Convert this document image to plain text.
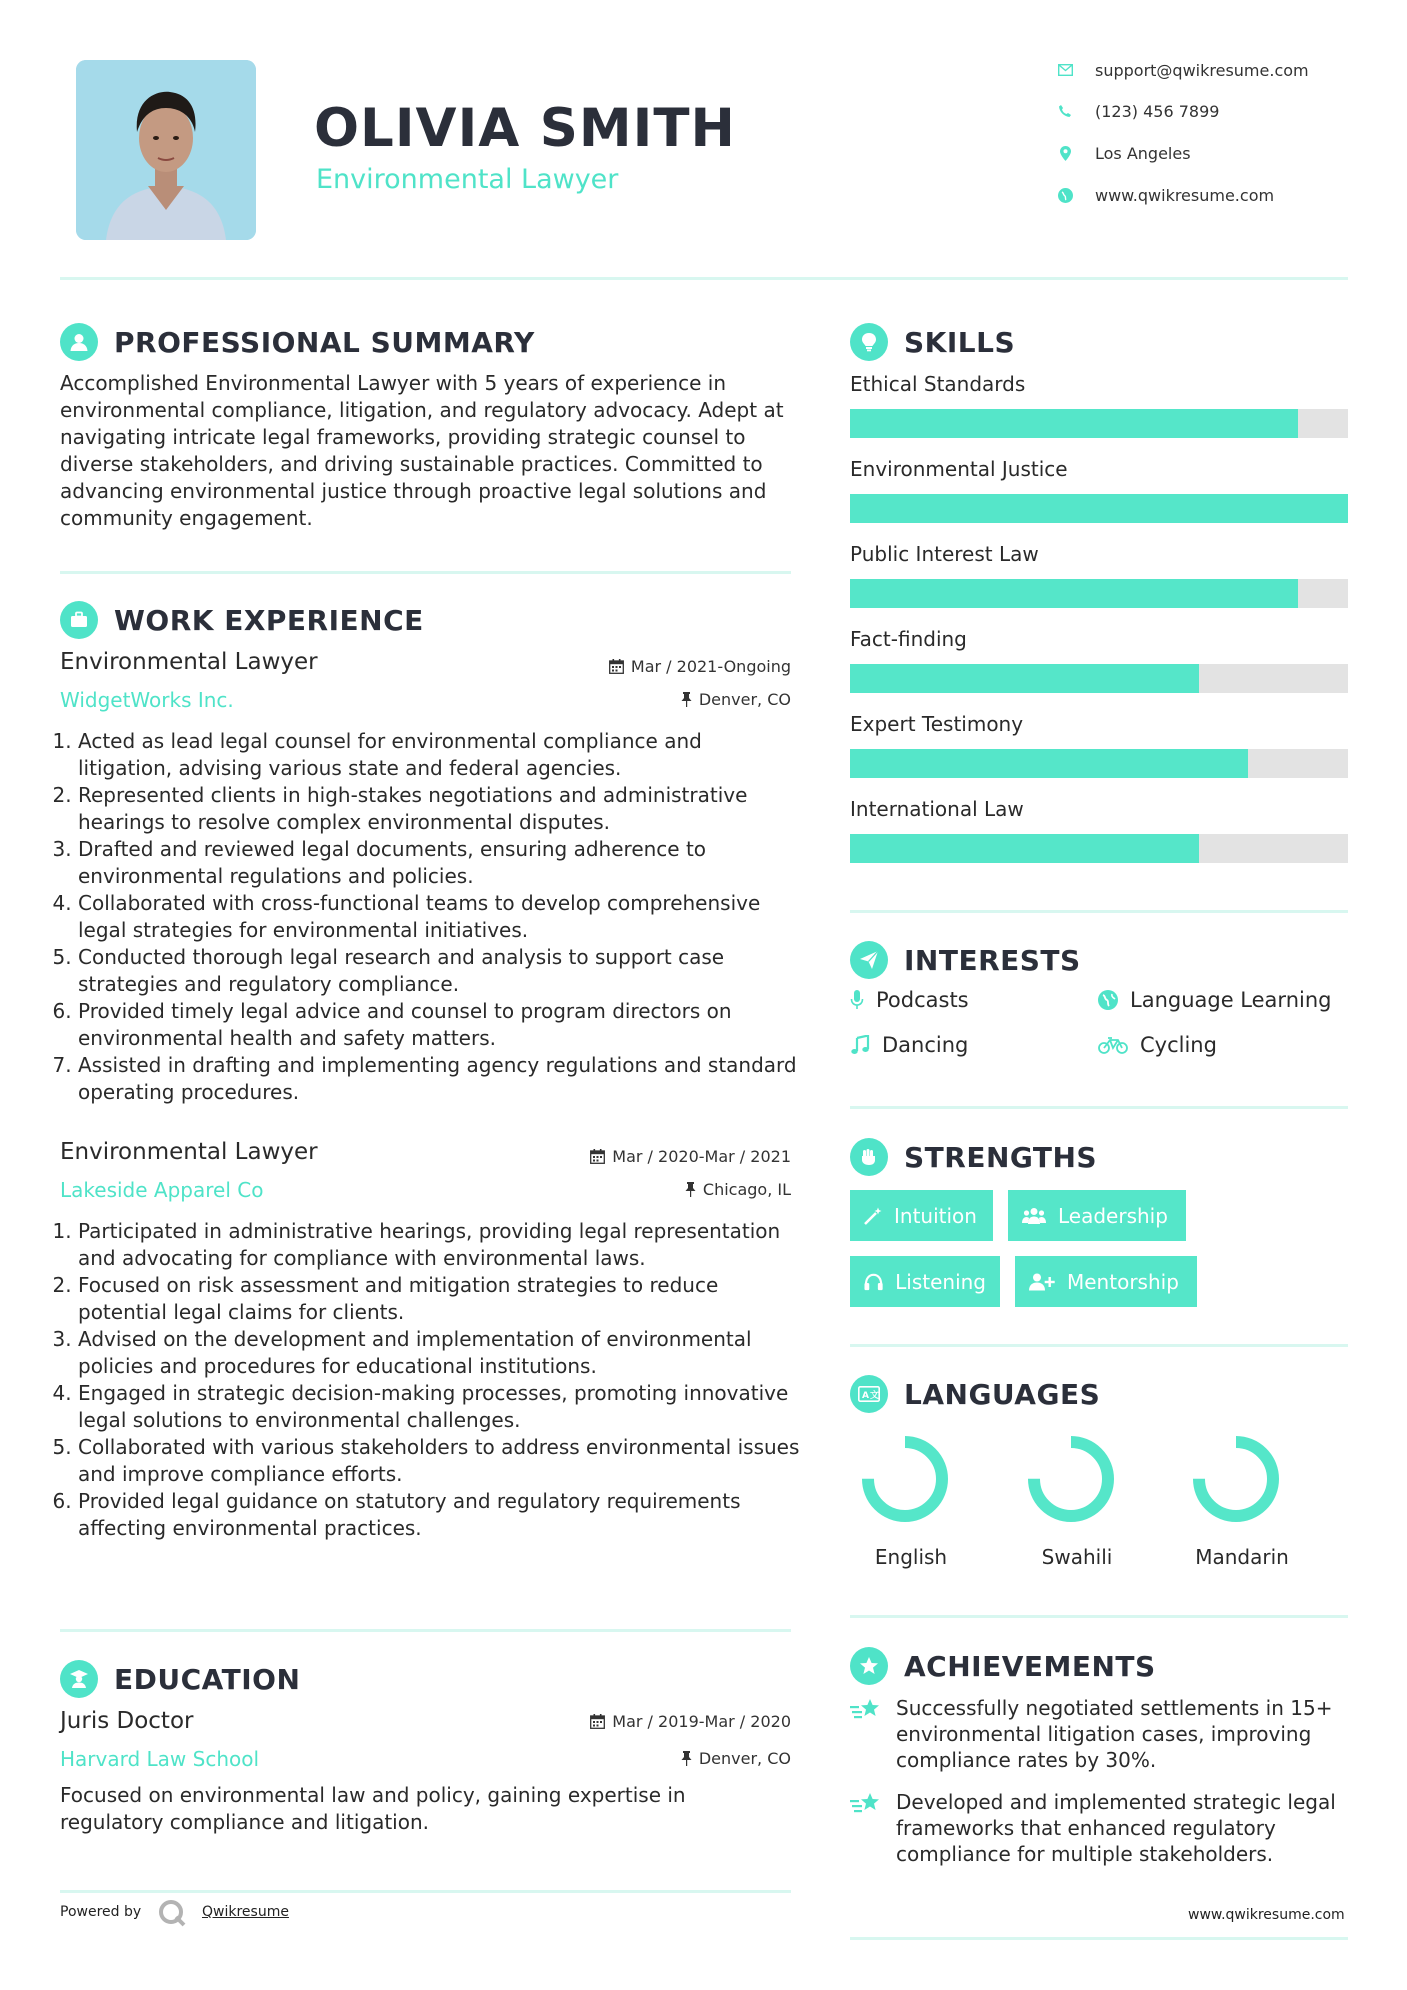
OLIVIA SMITH
Environmental Lawyer
support@qwikresume.com
(123) 456 7899
Los Angeles
www.qwikresume.com
PROFESSIONAL SUMMARY
Accomplished Environmental Lawyer with 5 years of experience in environmental compliance, litigation, and regulatory advocacy. Adept at navigating intricate legal frameworks, providing strategic counsel to diverse stakeholders, and driving sustainable practices. Committed to advancing environmental justice through proactive legal solutions and community engagement.
WORK EXPERIENCE
Environmental Lawyer
WidgetWorks Inc.
Mar / 2021-Ongoing
Denver, CO
1. Acted as lead legal counsel for environmental compliance and litigation, advising various state and federal agencies.
2. Represented clients in high-stakes negotiations and administrative hearings to resolve complex environmental disputes.
3. Drafted and reviewed legal documents, ensuring adherence to environmental regulations and policies.
4. Collaborated with cross-functional teams to develop comprehensive legal strategies for environmental initiatives.
5. Conducted thorough legal research and analysis to support case strategies and regulatory compliance.
6. Provided timely legal advice and counsel to program directors on environmental health and safety matters.
7. Assisted in drafting and implementing agency regulations and standard operating procedures.
Environmental Lawyer
Lakeside Apparel Co
Mar / 2020-Mar / 2021
Chicago, IL
1. Participated in administrative hearings, providing legal representation and advocating for compliance with environmental laws.
2. Focused on risk assessment and mitigation strategies to reduce potential legal claims for clients.
3. Advised on the development and implementation of environmental policies and procedures for educational institutions.
4. Engaged in strategic decision-making processes, promoting innovative legal solutions to environmental challenges.
5. Collaborated with various stakeholders to address environmental issues and improve compliance efforts.
6. Provided legal guidance on statutory and regulatory requirements affecting environmental practices.
EDUCATION
Juris Doctor
Harvard Law School
Mar / 2019-Mar / 2020
Denver, CO
Focused on environmental law and policy, gaining expertise in regulatory compliance and litigation.
Powered by	Qwikresume
SKILLS
Ethical Standards
Environmental Justice
Public Interest Law
Fact-finding
Expert Testimony
International Law
INTERESTS
Podcasts	Language Learning
Dancing	Cycling
STRENGTHS
Intuition	Leadership
Listening	Mentorship
A 文 LANGUAGES
English	Swahili	Mandarin
ACHIEVEMENTS
Successfully negotiated settlements in 15+ environmental litigation cases, improving compliance rates by 30%.
Developed and implemented strategic legal frameworks that enhanced regulatory compliance for multiple stakeholders.
www.qwikresume.com
